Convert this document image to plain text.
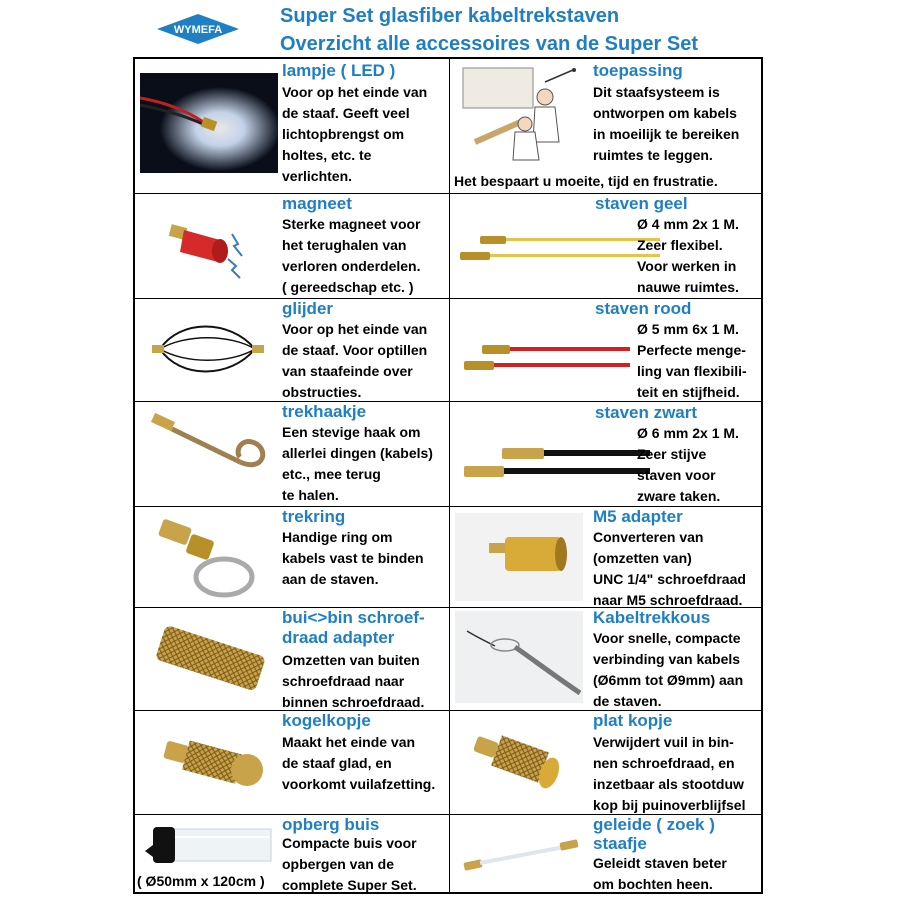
WYMEFA
Super Set glasfiber kabeltrekstaven
Overzicht alle accessoires van de Super Set
lampje ( LED )
Voor op het einde van
de staaf. Geeft veel
lichtopbrengst om
holtes, etc. te
verlichten.
toepassing
Dit staafsysteem is
ontworpen om kabels
in moeilijk te bereiken
ruimtes te leggen.
Het bespaart u moeite, tijd en frustratie.
magneet
Sterke magneet voor
het terughalen van
verloren onderdelen.
( gereedschap etc. )
staven geel
Ø 4 mm 2x 1 M.
Zeer flexibel.
Voor werken in
nauwe ruimtes.
glijder
Voor op het einde van
de staaf. Voor optillen
van staafeinde over
obstructies.
staven rood
Ø 5 mm 6x 1 M.
Perfecte menge-
ling van flexibili-
teit en stijfheid.
trekhaakje
Een stevige haak om
allerlei dingen (kabels)
etc., mee terug
te halen.
staven zwart
Ø 6 mm 2x 1 M.
Zeer stijve
staven voor
zware taken.
trekring
Handige ring om
kabels vast te binden
aan de staven.
M5 adapter
Converteren van
(omzetten van)
UNC 1/4" schroefdraad
naar M5 schroefdraad.
bui<>bin schroef-
draad adapter
Omzetten van buiten
schroefdraad naar
binnen schroefdraad.
Kabeltrekkous
Voor snelle, compacte
verbinding van kabels
(Ø6mm tot Ø9mm) aan
de staven.
kogelkopje
Maakt het einde van
de staaf glad, en
voorkomt vuilafzetting.
plat kopje
Verwijdert vuil in bin-
nen schroefdraad, en
inzetbaar als stootduw
kop bij puinoverblijfsel
opberg buis
Compacte buis voor
opbergen van de
complete Super Set.
( Ø50mm x 120cm )
geleide ( zoek )
staafje
Geleidt staven beter
om bochten heen.
